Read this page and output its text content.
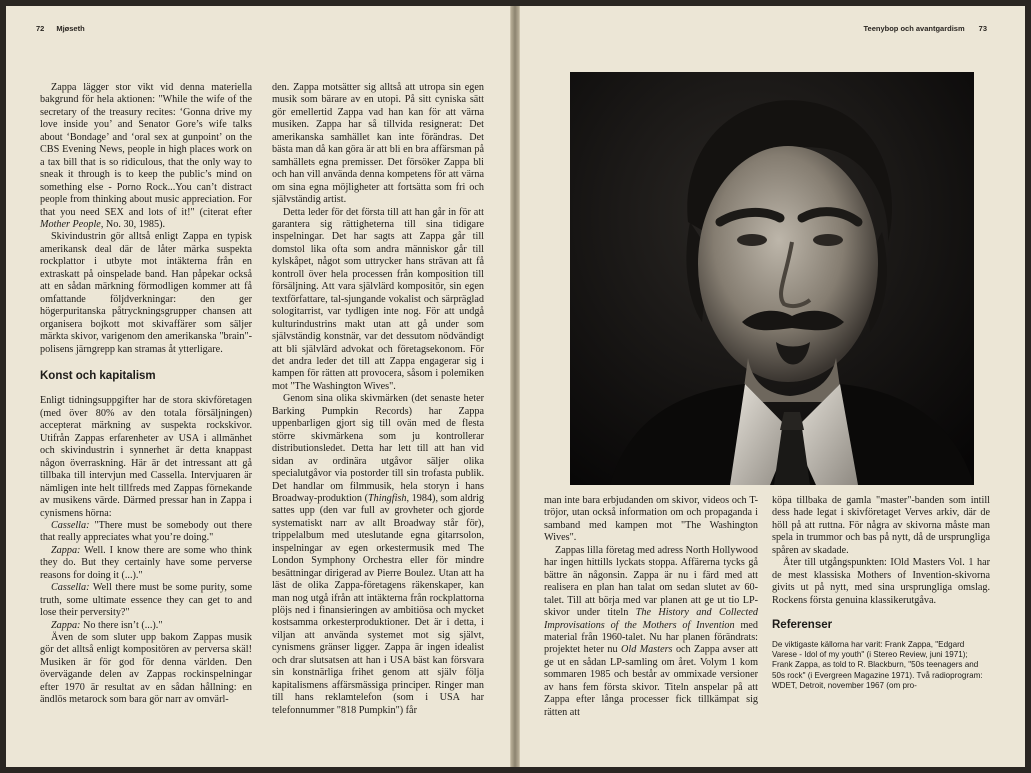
72 Mjøseth

Zappa lägger stor vikt vid denna materiella bakgrund för hela aktionen: "While the wife of the secretary of the treasury recites: ‘Gonna drive my love inside you’ and Senator Gore’s wife talks about ‘Bondage’ and ‘oral sex at gunpoint’ on the CBS Evening News, people in high places work on a tax bill that is so ridiculous, that the only way to sneak it through is to keep the public’s mind on something else - Porno Rock...You can’t distract people from thinking about music appreciation. For that you need SEX and lots of it!" (citerat efter Mother People, No. 30, 1985).

Skivindustrin gör alltså enligt Zappa en typisk amerikansk deal där de låter märka suspekta rockplattor i utbyte mot intäkterna från en extraskatt på oinspelade band. Han påpekar också att en sådan märkning förmodligen kommer att få omfattande följdverkningar: den ger högerpuritanska påtryckningsgrupper chansen att organisera bojkott mot skivaffärer som säljer märkta skivor, varigenom den amerikanska "brain"-polisens järngrepp kan stramas åt ytterligare.

Konst och kapitalism

Enligt tidningsuppgifter har de stora skivföretagen (med över 80% av den totala försäljningen) accepterat märkning av suspekta rockskivor. Utifrån Zappas erfarenheter av USA i allmänhet och skivindustrin i synnerhet är detta knappast någon överraskning. Här är det intressant att gå tillbaka till intervjun med Cassella. Intervjuaren är nämligen inte helt tillfreds med Zappas förnekande av musikens värde. Därmed pressar han in Zappa i cynismens hörna:

Cassella: "There must be somebody out there that really appreciates what you’re doing."

Zappa: Well. I know there are some who think they do. But they certainly have some perverse reasons for doing it (...)."

Cassella: Well there must be some purity, some truth, some ultimate essence they can get to and lose their perversity?"

Zappa: No there isn’t (...)."

Även de som sluter upp bakom Zappas musik gör det alltså enligt kompositören av perversa skäl! Musiken är för god för denna världen. Den övervägande delen av Zappas rockinspelningar efter 1970 är resultat av en sådan hållning: en ändlös metarock som bara gör narr av omvärl-

den. Zappa motsätter sig alltså att utropa sin egen musik som bärare av en utopi. På sitt cyniska sätt gör emellertid Zappa vad han kan för att värna musiken. Zappa har så tillvida resignerat: Det amerikanska samhället kan inte förändras. Det bästa man då kan göra är att bli en bra affärsman på samhällets egna premisser. Det försöker Zappa bli och han vill använda denna kompetens för att värna om sina egna möjligheter att fortsätta som fri och självständig artist.

Detta leder för det första till att han går in för att garantera sig rättigheterna till sina tidigare inspelningar. Det har sagts att Zappa går till domstol lika ofta som andra människor går till kylskåpet, något som uttrycker hans strävan att få kontroll över hela processen från komposition till försäljning. Att vara självlärd kompositör, sin egen textförfattare, tal-sjungande vokalist och särpräglad sologitarrist, var tydligen inte nog. För att undgå kulturindustrins makt utan att gå under som självständig konstnär, var det dessutom nödvändigt att bli självlärd advokat och företagsekonom. För det andra leder det till att Zappa engagerar sig i kampen för rätten att provocera, såsom i polemiken mot "The Washington Wives".

Genom sina olika skivmärken (det senaste heter Barking Pumpkin Records) har Zappa uppenbarligen gjort sig till ovän med de flesta större skivmärkena som ju kontrollerar distributionsledet. Detta har lett till att han vid sidan av ordinära utgåvor säljer olika specialutgåvor via postorder till sin trofasta publik. Det handlar om filmmusik, hela storyn i hans Broadway-produktion (Thingfish, 1984), som aldrig sattes upp (den var full av grovheter och gjorde systematiskt narr av allt Broadway står för), trippelalbum med uteslutande egna gitarrsolon, inspelningar av egen orkestermusik med The London Symphony Orchestra eller för mindre besättningar dirigerad av Pierre Boulez. Utan att ha läst de olika Zappa-företagens räkenskaper, kan man nog utgå ifrån att intäkterna från rockplattorna plöjs ned i finansieringen av ambitiösa och mycket kostsamma orkesterproduktioner. Det är i detta, i viljan att använda systemet mot sig självt, cynismens gränser ligger. Zappa är ingen idealist och drar slutsatsen att han i USA bäst kan försvara sin konstnärliga frihet genom att själv följa kapitalismens affärsmässiga principer. Ringer man till hans reklamtelefon (som i USA har telefonnummer "818 Pumpkin") får

Teenybop och avantgardism 73

man inte bara erbjudanden om skivor, videos och T-tröjor, utan också information om och propaganda i samband med kampen mot "The Washington Wives".

Zappas lilla företag med adress North Hollywood har ingen hittills lyckats stoppa. Affärerna tycks gå bättre än någonsin. Zappa är nu i färd med att realisera en plan han talat om sedan slutet av 60-talet. Till att börja med var planen att ge ut tio LP-skivor under titeln The History and Collected Improvisations of the Mothers of Invention med material från 1960-talet. Nu har planen förändrats: projektet heter nu Old Masters och Zappa avser att ge ut en sådan LP-samling om året. Volym 1 kom sommaren 1985 och består av ommixade versioner av hans fem första skivor. Titeln anspelar på att Zappa efter långa processer fick tillkämpat sig rätten att

köpa tillbaka de gamla "master"-banden som intill dess hade legat i skivföretaget Verves arkiv, där de höll på att ruttna. För några av skivorna måste man spela in trummor och bas på nytt, då de ursprungliga spåren av skadade.

Åter till utgångspunkten: IOld Masters Vol. 1 har de mest klassiska Mothers of Invention-skivorna givits ut på nytt, med sina ursprungliga omslag. Rockens första genuina klassikerutgåva.

Referenser

De viktigaste källorna har varit: Frank Zappa, "Edgard Varese - Idol of my youth" (i Stereo Review, juni 1971); Frank Zappa, as told to R. Blackburn, "50s teenagers and 50s rock" (i Evergreen Magazine 1971). Två radioprogram: WDET, Detroit, november 1967 (om pro-
